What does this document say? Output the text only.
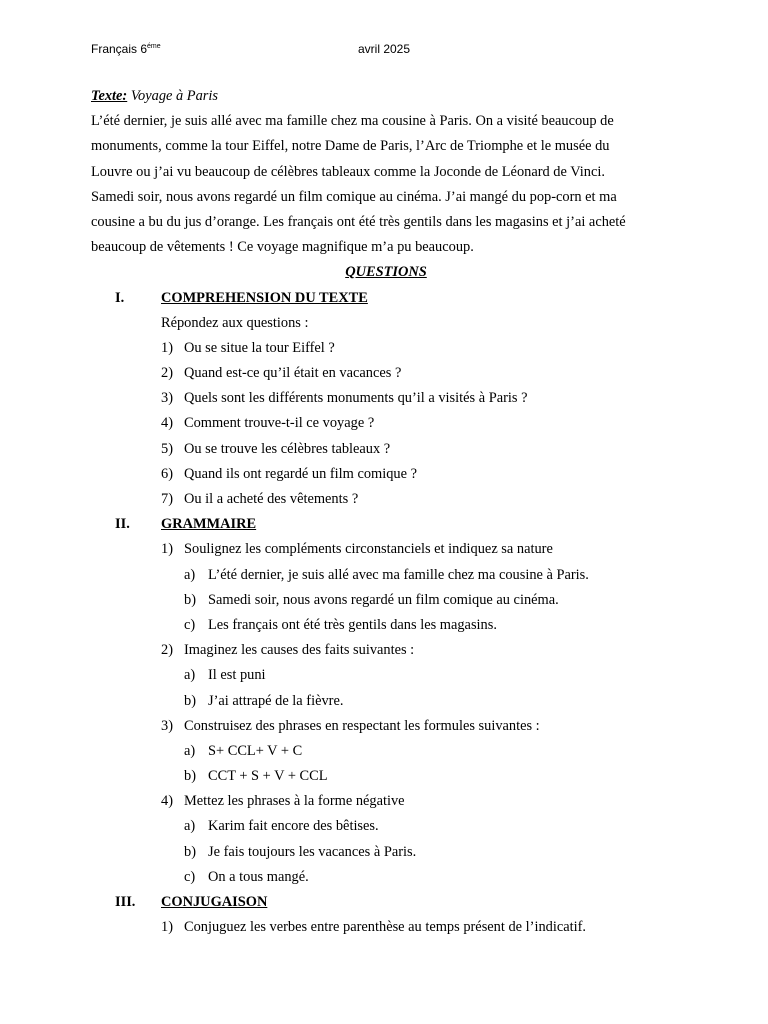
Français $6^{éme}$	avril 2025
Texte: Voyage à Paris
L’été dernier, je suis allé avec ma famille chez ma cousine à Paris. On a visité beaucoup de
monuments, comme la tour Eiffel, notre Dame de Paris, l’Arc de Triomphe et le musée du
Louvre ou j’ai vu beaucoup de célèbres tableaux comme la Joconde de Léonard de Vinci.
Samedi soir, nous avons regardé un film comique au cinéma. J’ai mangé du pop-corn et ma
cousine a bu du jus d’orange. Les français ont été très gentils dans les magasins et j’ai acheté
beaucoup de vêtements ! Ce voyage magnifique m’a pu beaucoup.
QUESTIONS
I.	COMPREHENSION DU TEXTE
Répondez aux questions :
1) Ou se situe la tour Eiffel ?
2) Quand est-ce qu’il était en vacances ?
3) Quels sont les différents monuments qu’il a visités à Paris ?
4) Comment trouve-t-il ce voyage ?
5) Ou se trouve les célèbres tableaux ?
6) Quand ils ont regardé un film comique ?
7) Ou il a acheté des vêtements ?
II. GRAMMAIRE
1) Soulignez les compléments circonstanciels et indiquez sa nature
a) L’été dernier, je suis allé avec ma famille chez ma cousine à Paris.
b) Samedi soir, nous avons regardé un film comique au cinéma.
c) Les français ont été très gentils dans les magasins.
2) Imaginez les causes des faits suivantes :
a) Il est puni
b) J’ai attrapé de la fièvre.
3) Construisez des phrases en respectant les formules suivantes :
a) S+ CCL+ V + C
b) CCT + S + V + CCL
4) Mettez les phrases à la forme négative
a) Karim fait encore des bêtises.
b) Je fais toujours les vacances à Paris.
c) On a tous mangé.
III. CONJUGAISON
1) Conjuguez les verbes entre parenthèse au temps présent de l’indicatif.
